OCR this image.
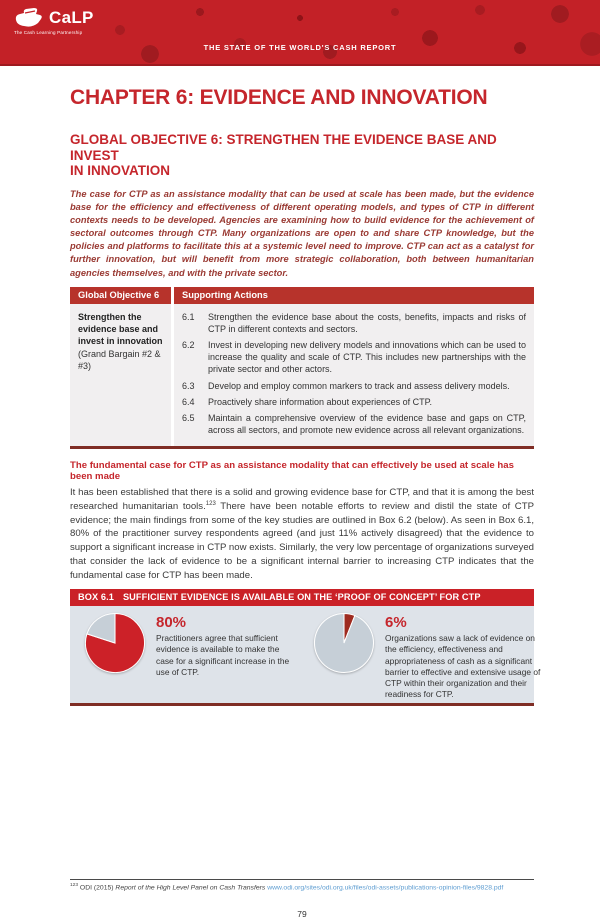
CaLP
The Cash Learning Partnership
THE STATE OF THE WORLD'S CASH REPORT
CHAPTER 6: EVIDENCE AND INNOVATION
GLOBAL OBJECTIVE 6: STRENGTHEN THE EVIDENCE BASE AND INVEST
IN INNOVATION

The case for CTP as an assistance modality that can be used at scale has been made, but the evidence base for the efficiency and effectiveness of different operating models, and types of CTP in different contexts needs to be developed. Agencies are examining how to build evidence for the achievement of sectoral outcomes through CTP. Many organizations are open to and share CTP knowledge, but the policies and platforms to facilitate this at a systemic level need to improve. CTP can act as a catalyst for further innovation, but will benefit from more strategic collaboration, both between humanitarian agencies themselves, and with the private sector.

Global Objective 6	Supporting Actions
Strengthen the evidence base and invest in innovation
(Grand Bargain #2 & #3)
6.1	Strengthen the evidence base about the costs, benefits, impacts and risks of CTP in different contexts and sectors.
6.2	Invest in developing new delivery models and innovations which can be used to increase the quality and scale of CTP. This includes new partnerships with the private sector and other actors.
6.3	Develop and employ common markers to track and assess delivery models.
6.4	Proactively share information about experiences of CTP.
6.5	Maintain a comprehensive overview of the evidence base and gaps on CTP, across all sectors, and promote new evidence across all relevant organizations.
The fundamental case for CTP as an assistance modality that can effectively be used at scale has been made

It has been established that there is a solid and growing evidence base for CTP, and that it is among the best researched humanitarian tools.$^{123}$ There have been notable efforts to review and distil the state of CTP evidence; the main findings from some of the key studies are outlined in Box 6.2 (below). As seen in Box 6.1, 80% of the practitioner survey respondents agreed (and just 11% actively disagreed) that the evidence to support a significant increase in CTP now exists. Similarly, the very low percentage of organizations surveyed that consider the lack of evidence to be a significant internal barrier to increasing CTP indicates that the fundamental case for CTP has been made.

BOX 6.1 SUFFICIENT EVIDENCE IS AVAILABLE ON THE ‘PROOF OF CONCEPT’ FOR CTP
80%
Practitioners agree that sufficient evidence is available to make the case for a significant increase in the use of CTP.
6%
Organizations saw a lack of evidence on the efficiency, effectiveness and appropriateness of cash as a significant barrier to effective and extensive usage of CTP within their organization and their readiness for CTP.
$^{123}$ ODI (2015) Report of the High Level Panel on Cash Transfers www.odi.org/sites/odi.org.uk/files/odi-assets/publications-opinion-files/9828.pdf
79
